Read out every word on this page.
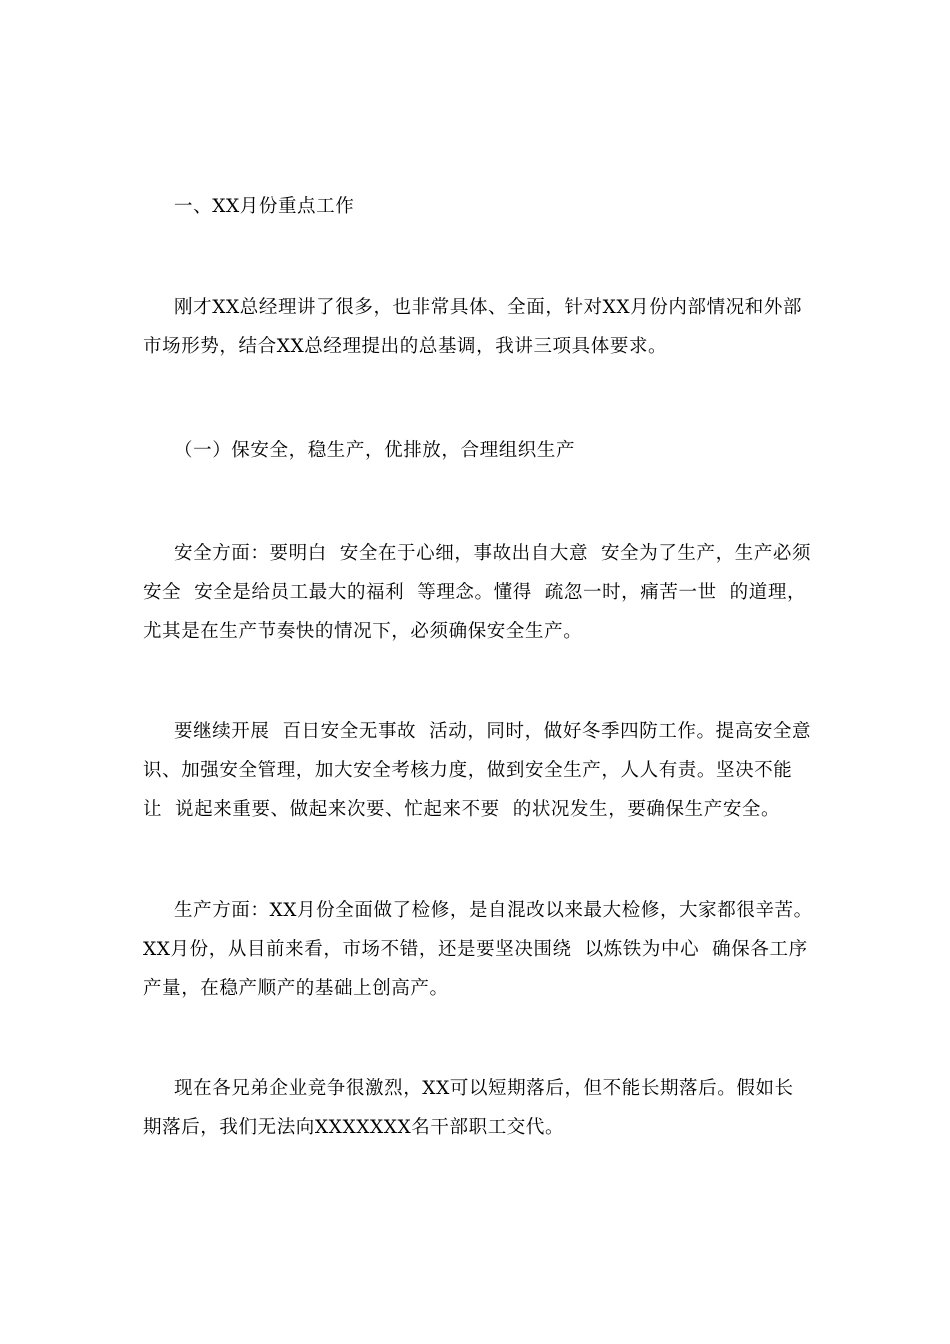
一、XX月份重点工作

刚才XX总经理讲了很多，也非常具体、全面，针对XX月份内部情况和外部
市场形势，结合XX总经理提出的总基调，我讲三项具体要求。

（一）保安全，稳生产，优排放，合理组织生产

安全方面：要明白  安全在于心细，事故出自大意  安全为了生产，生产必须
安全  安全是给员工最大的福利  等理念。懂得  疏忽一时，痛苦一世  的道理，
尤其是在生产节奏快的情况下，必须确保安全生产。

要继续开展  百日安全无事故  活动，同时，做好冬季四防工作。提高安全意
识、加强安全管理，加大安全考核力度，做到安全生产，人人有责。坚决不能
让  说起来重要、做起来次要、忙起来不要  的状况发生，要确保生产安全。

生产方面：XX月份全面做了检修，是自混改以来最大检修，大家都很辛苦。
XX月份，从目前来看，市场不错，还是要坚决围绕  以炼铁为中心  确保各工序
产量，在稳产顺产的基础上创高产。

现在各兄弟企业竞争很激烈，XX可以短期落后，但不能长期落后。假如长
期落后，我们无法向XXXXXXX名干部职工交代。
